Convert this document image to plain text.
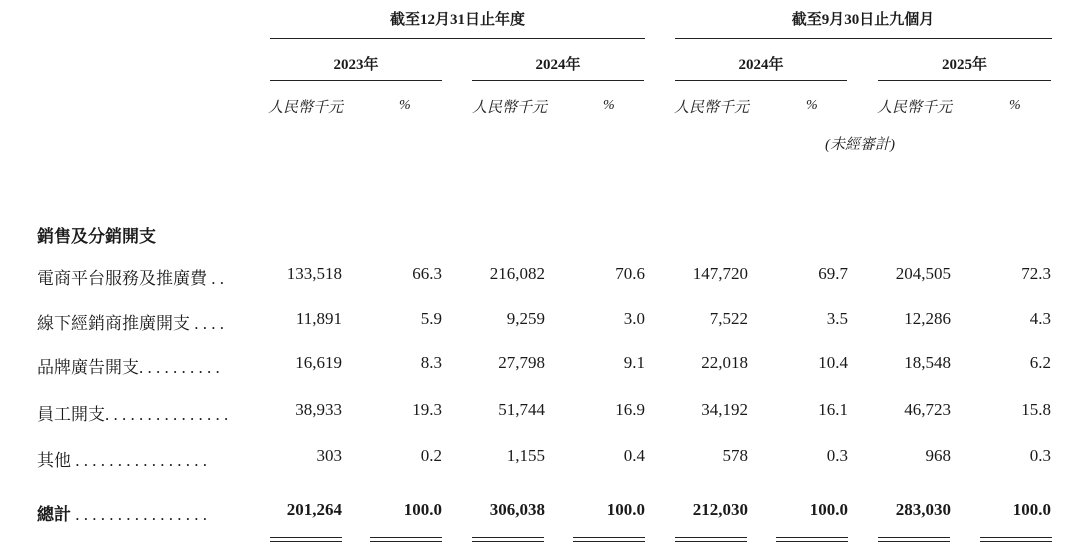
截至12月31日止年度	截至9月30日止九個月
2023年	2024年	2024年	2025年
人民幣千元	%	人民幣千元	%	人民幣千元	%	人民幣千元	%
(未經審計)
銷售及分銷開支
電商平台服務及推廣費 . .	133,518	66.3	216,082	70.6	147,720	69.7	204,505	72.3
線下經銷商推廣開支 . . . .	11,891	5.9	9,259	3.0	7,522	3.5	12,286	4.3
品牌廣告開支. . . . . . . . . .	16,619	8.3	27,798	9.1	22,018	10.4	18,548	6.2
員工開支. . . . . . . . . . . . . . .	38,933	19.3	51,744	16.9	34,192	16.1	46,723	15.8
其他 . . . . . . . . . . . . . . . .	303	0.2	1,155	0.4	578	0.3	968	0.3
總計 . . . . . . . . . . . . . . . .	201,264	100.0	306,038	100.0	212,030	100.0	283,030	100.0
